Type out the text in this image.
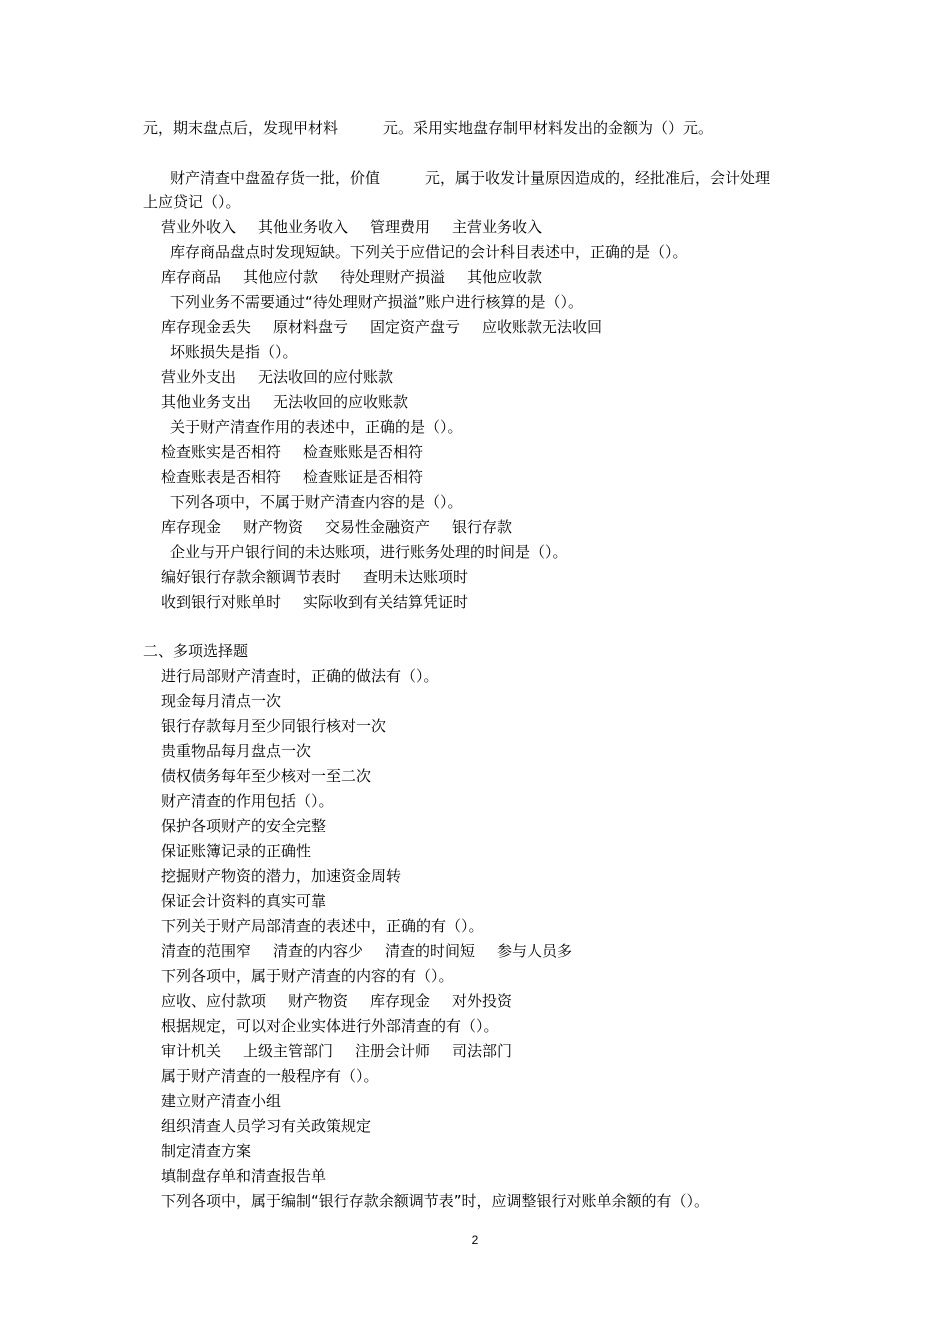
元，期末盘点后，发现甲材料　　　元。采用实地盘存制甲材料发出的金额为（）元。
财产清查中盘盈存货一批，价值　　　元，属于收发计量原因造成的，经批准后，会计处理
上应贷记（）。
营业外收入 其他业务收入 管理费用 主营业务收入
库存商品盘点时发现短缺。下列关于应借记的会计科目表述中，正确的是（）。
库存商品 其他应付款 待处理财产损溢 其他应收款
下列业务不需要通过“待处理财产损溢”账户进行核算的是（）。
库存现金丢失 原材料盘亏 固定资产盘亏 应收账款无法收回
坏账损失是指（）。
营业外支出 无法收回的应付账款
其他业务支出 无法收回的应收账款
关于财产清查作用的表述中，正确的是（）。
检查账实是否相符 检查账账是否相符
检查账表是否相符 检查账证是否相符
下列各项中，不属于财产清查内容的是（）。
库存现金 财产物资 交易性金融资产 银行存款
企业与开户银行间的未达账项，进行账务处理的时间是（）。
编好银行存款余额调节表时 查明未达账项时
收到银行对账单时 实际收到有关结算凭证时
二、多项选择题
进行局部财产清查时，正确的做法有（）。
现金每月清点一次
银行存款每月至少同银行核对一次
贵重物品每月盘点一次
债权债务每年至少核对一至二次
财产清查的作用包括（）。
保护各项财产的安全完整
保证账簿记录的正确性
挖掘财产物资的潜力，加速资金周转
保证会计资料的真实可靠
下列关于财产局部清查的表述中，正确的有（）。
清查的范围窄 清查的内容少 清查的时间短 参与人员多
下列各项中，属于财产清查的内容的有（）。
应收、应付款项 财产物资 库存现金 对外投资
根据规定，可以对企业实体进行外部清查的有（）。
审计机关 上级主管部门 注册会计师 司法部门
属于财产清查的一般程序有（）。
建立财产清查小组
组织清查人员学习有关政策规定
制定清查方案
填制盘存单和清查报告单
下列各项中，属于编制“银行存款余额调节表”时，应调整银行对账单余额的有（）。
2
